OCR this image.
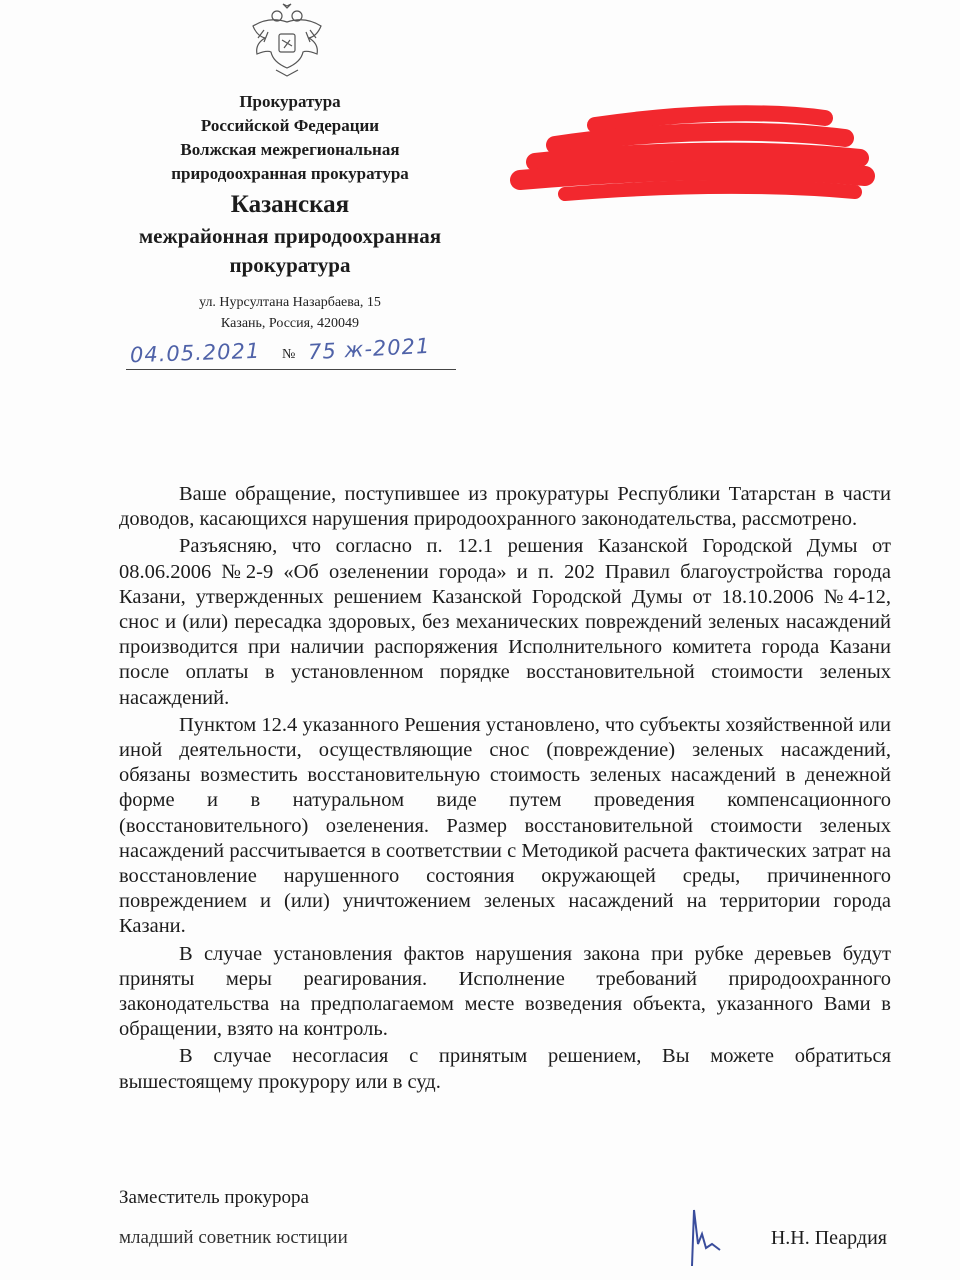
Прокуратура
Российской Федерации
Волжская межрегиональная
природоохранная прокуратура
Казанская
межрайонная природоохранная
прокуратура
ул. Нурсултана Назарбаева, 15
Казань, Россия, 420049
04.05.2021 № 75 ж-2021

Ваше обращение, поступившее из прокуратуры Республики Татарстан в части доводов, касающихся нарушения природоохранного законодательства, рассмотрено.

Разъясняю, что согласно п. 12.1 решения Казанской Городской Думы от 08.06.2006 №2-9 «Об озеленении города» и п. 202 Правил благоустройства города Казани, утвержденных решением Казанской Городской Думы от 18.10.2006 №4-12, снос и (или) пересадка здоровых, без механических повреждений зеленых насаждений производится при наличии распоряжения Исполнительного комитета города Казани после оплаты в установленном порядке восстановительной стоимости зеленых насаждений.

Пунктом 12.4 указанного Решения установлено, что субъекты хозяйственной или иной деятельности, осуществляющие снос (повреждение) зеленых насаждений, обязаны возместить восстановительную стоимость зеленых насаждений в денежной форме и в натуральном виде путем проведения компенсационного (восстановительного) озеленения. Размер восстановительной стоимости зеленых насаждений рассчитывается в соответствии с Методикой расчета фактических затрат на восстановление нарушенного состояния окружающей среды, причиненного повреждением и (или) уничтожением зеленых насаждений на территории города Казани.

В случае установления фактов нарушения закона при рубке деревьев будут приняты меры реагирования. Исполнение требований природоохранного законодательства на предполагаемом месте возведения объекта, указанного Вами в обращении, взято на контроль.

В случае несогласия с принятым решением, Вы можете обратиться вышестоящему прокурору или в суд.

Заместитель прокурора
младший советник юстиции	Н.Н. Пеардия
